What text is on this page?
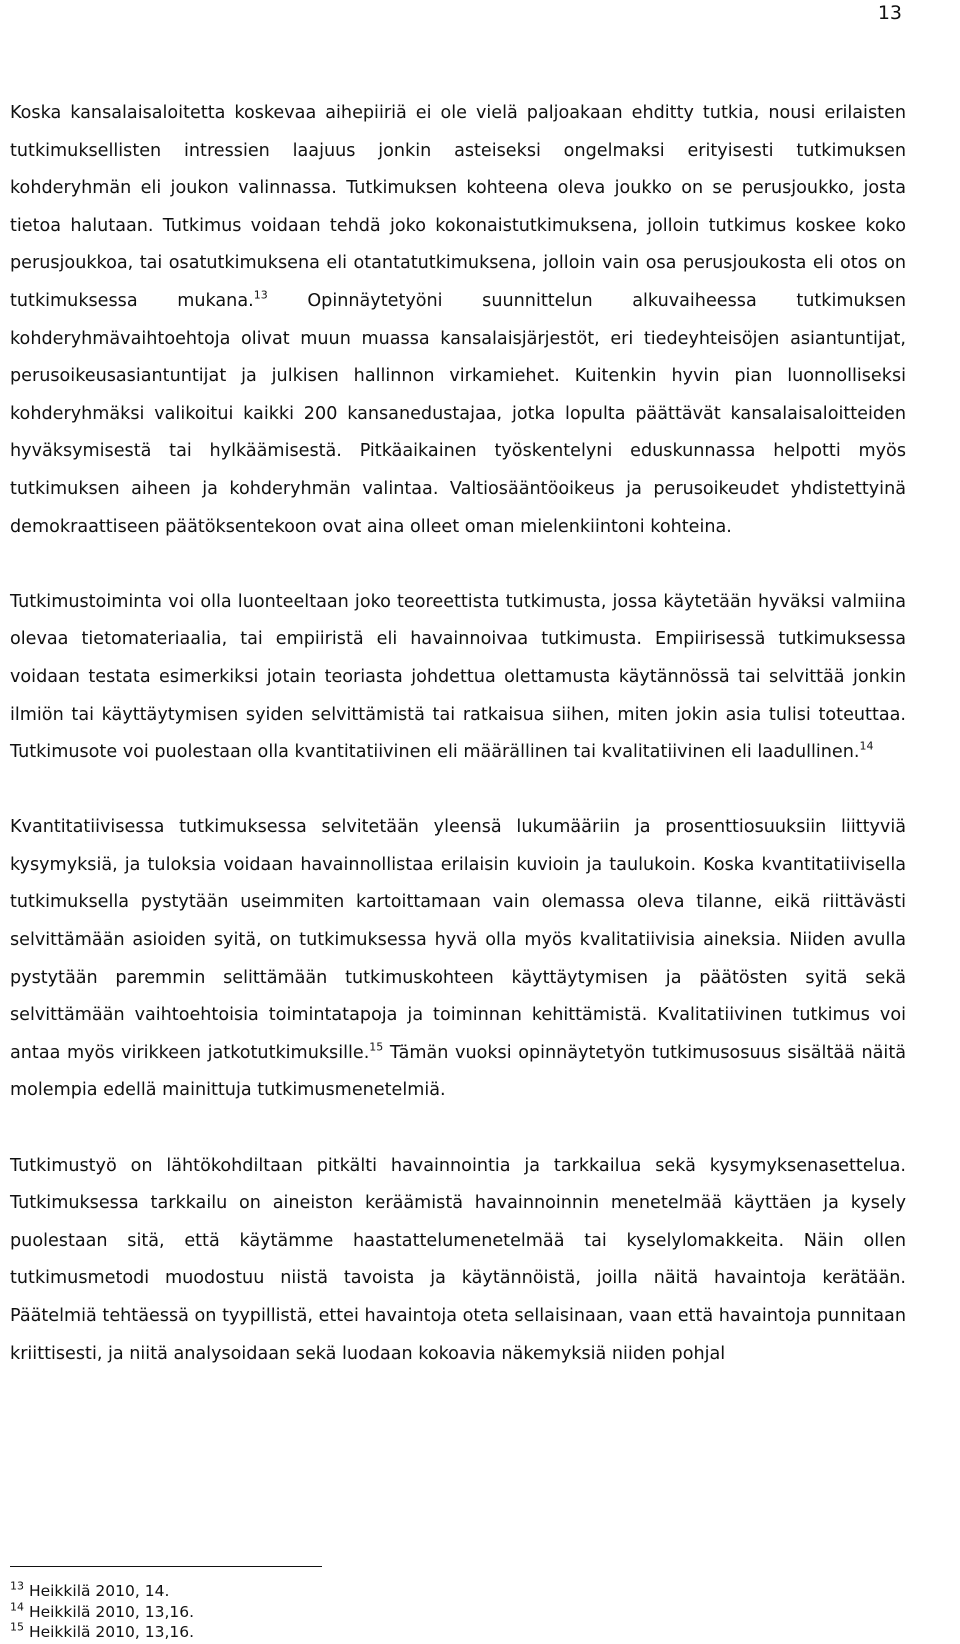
13

Koska kansalaisaloitetta koskevaa aihepiiriä ei ole vielä paljoakaan ehditty tutkia, nousi erilaisten tutkimuksellisten intressien laajuus jonkin asteiseksi ongelmaksi erityisesti tutkimuksen kohderyhmän eli joukon valinnassa. Tutkimuksen kohteena oleva joukko on se perusjoukko, josta tietoa halutaan. Tutkimus voidaan tehdä joko kokonaistutkimuksena, jolloin tutkimus koskee koko perusjoukkoa, tai osatutkimuksena eli otantatutkimuksena, jolloin vain osa perusjoukosta eli otos on tutkimuksessa mukana.$^{13}$ Opinnäytetyöni suunnittelun alkuvaiheessa tutkimuksen kohderyhmävaihtoehtoja olivat muun muassa kansalaisjärjestöt, eri tiedeyhteisöjen asiantuntijat, perusoikeusasiantuntijat ja julkisen hallinnon virkamiehet. Kuitenkin hyvin pian luonnolliseksi kohderyhmäksi valikoitui kaikki 200 kansanedustajaa, jotka lopulta päättävät kansalaisaloitteiden hyväksymisestä tai hylkäämisestä. Pitkäaikainen työskentelyni eduskunnassa helpotti myös tutkimuksen aiheen ja kohderyhmän valintaa. Valtiosääntöoikeus ja perusoikeudet yhdistettyinä demokraattiseen päätöksentekoon ovat aina olleet oman mielenkiintoni kohteina.

Tutkimustoiminta voi olla luonteeltaan joko teoreettista tutkimusta, jossa käytetään hyväksi valmiina olevaa tietomateriaalia, tai empiiristä eli havainnoivaa tutkimusta. Empiirisessä tutkimuksessa voidaan testata esimerkiksi jotain teoriasta johdettua olettamusta käytännössä tai selvittää jonkin ilmiön tai käyttäytymisen syiden selvittämistä tai ratkaisua siihen, miten jokin asia tulisi toteuttaa. Tutkimusote voi puolestaan olla kvantitatiivinen eli määrällinen tai kvalitatiivinen eli laadullinen.$^{14}$

Kvantitatiivisessa tutkimuksessa selvitetään yleensä lukumääriin ja prosenttiosuuksiin liittyviä kysymyksiä, ja tuloksia voidaan havainnollistaa erilaisin kuvioin ja taulukoin. Koska kvantitatiivisella tutkimuksella pystytään useimmiten kartoittamaan vain olemassa oleva tilanne, eikä riittävästi selvittämään asioiden syitä, on tutkimuksessa hyvä olla myös kvalitatiivisia aineksia. Niiden avulla pystytään paremmin selittämään tutkimuskohteen käyttäytymisen ja päätösten syitä sekä selvittämään vaihtoehtoisia toimintatapoja ja toiminnan kehittämistä. Kvalitatiivinen tutkimus voi antaa myös virikkeen jatkotutkimuksille.$^{15}$ Tämän vuoksi opinnäytetyön tutkimusosuus sisältää näitä molempia edellä mainittuja tutkimusmenetelmiä.

Tutkimustyö on lähtökohdiltaan pitkälti havainnointia ja tarkkailua sekä kysymyksenasettelua. Tutkimuksessa tarkkailu on aineiston keräämistä havainnoinnin menetelmää käyttäen ja kysely puolestaan sitä, että käytämme haastattelumenetelmää tai kyselylomakkeita. Näin ollen tutkimusmetodi muodostuu niistä tavoista ja käytännöistä, joilla näitä havaintoja kerätään. Päätelmiä tehtäessä on tyypillistä, ettei havaintoja oteta sellaisinaan, vaan että havaintoja punnitaan kriittisesti, ja niitä analysoidaan sekä luodaan kokoavia näkemyksiä niiden pohjal

$^{13}$ Heikkilä 2010, 14.
$^{14}$ Heikkilä 2010, 13,16.
$^{15}$ Heikkilä 2010, 13,16.
